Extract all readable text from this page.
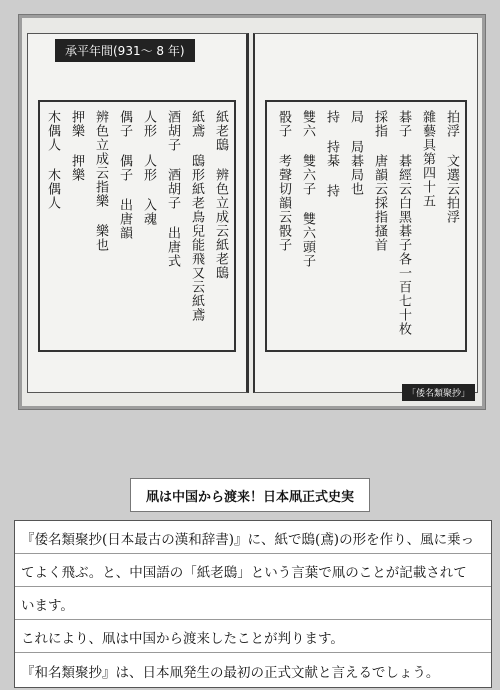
承平年間(931～ 8 年)
紙老鴟 辨色立成云紙老鴟
紙鳶 鴟形紙老鳥兒能飛又云紙鳶
酒胡子 酒胡子 出唐式
人形 人形 入魂
偶子 偶子 出唐韻
辨色立成云指樂 樂也
押樂 押樂
木偶人 木偶人	拍浮 文選云拍浮
雜藝具第四十五
碁子 碁經云白黑碁子各一百七十枚
採指 唐韻云採指搔首
局 局碁局也
持 持棊 持
雙六 雙六子 雙六頭子
骰子 考聲切韻云骰子
「倭名類聚抄」
凧は中国から渡来！日本凧正式史実
『倭名類聚抄(日本最古の漢和辞書)』に、紙で鴟(鳶)の形を作り、風に乗っ
てよく飛ぶ。と、中国語の「紙老鴟」という言葉で凧のことが記載されて
います。
これにより、凧は中国から渡来したことが判ります。
『和名類聚抄』は、日本凧発生の最初の正式文献と言えるでしょう。
